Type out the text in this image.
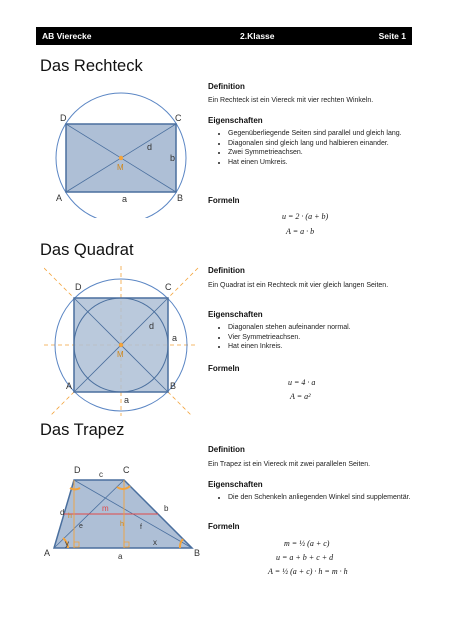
AB Vierecke	2.Klasse	Seite 1
Das Rechteck
D	C
A	B
M
a
b
d
Definition
Ein Rechteck ist ein Viereck mit vier rechten Winkeln.
Eigenschaften
• Gegenüberliegende Seiten sind parallel und gleich lang.
• Diagonalen sind gleich lang und halbieren einander.
• Zwei Symmetrieachsen.
• Hat einen Umkreis.
Formeln
u = 2 · (a + b)
A = a · b
Das Quadrat
D	C
A	B
M
a
a
d
Definition
Ein Quadrat ist ein Rechteck mit vier gleich langen Seiten.
Eigenschaften
• Diagonalen stehen aufeinander normal.
• Vier Symmetrieachsen.
• Hat einen Inkreis.
Formeln
u = 4 · a
A = a²
Das Trapez
D	C
A	B
c
a
d	b
e	f
h
h
m
x
y
Definition
Ein Trapez ist ein Viereck mit zwei parallelen Seiten.
Eigenschaften
• Die den Schenkeln anliegenden Winkel sind supplementär.
Formeln
m = ½ (a + c)
u = a + b + c + d
A = ½ (a + c) · h = m · h
